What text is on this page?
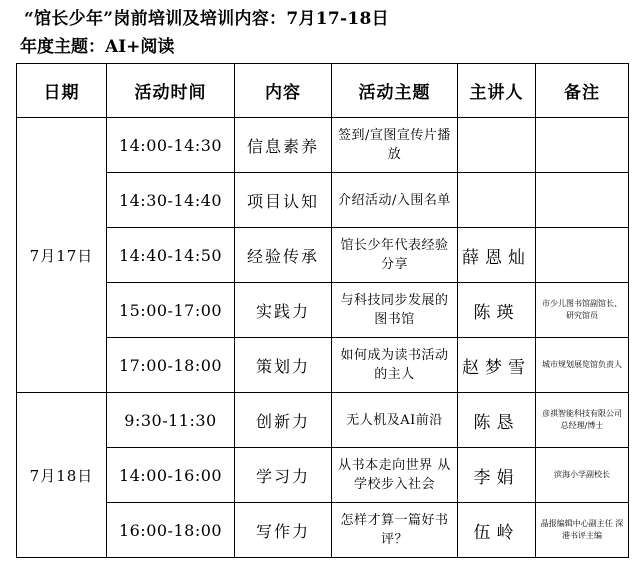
“馆长少年”岗前培训及培训内容：7月17-18日
年度主题：AI+阅读
日期	活动时间	内容	活动主题	主讲人	备注
7月17日	14:00-14:30	信息素养	签到/宣图宣传片播放		
	14:30-14:40	项目认知	介绍活动/入围名单		
	14:40-14:50	经验传承	馆长少年代表经验分享	薛恩灿	
	15:00-17:00	实践力	与科技同步发展的图书馆	陈瑛	市少儿图书馆副馆长、研究馆员
	17:00-18:00	策划力	如何成为读书活动的主人	赵梦雪	城市规划展览馆负责人
7月18日	9:30-11:30	创新力	无人机及AI前沿	陈恳	彦祺智能科技有限公司总经理/博士
	14:00-16:00	学习力	从书本走向世界 从学校步入社会	李娟	滨海小学副校长
	16:00-18:00	写作力	怎样才算一篇好书评？	伍岭	晶报编辑中心副主任 深港书评主编
